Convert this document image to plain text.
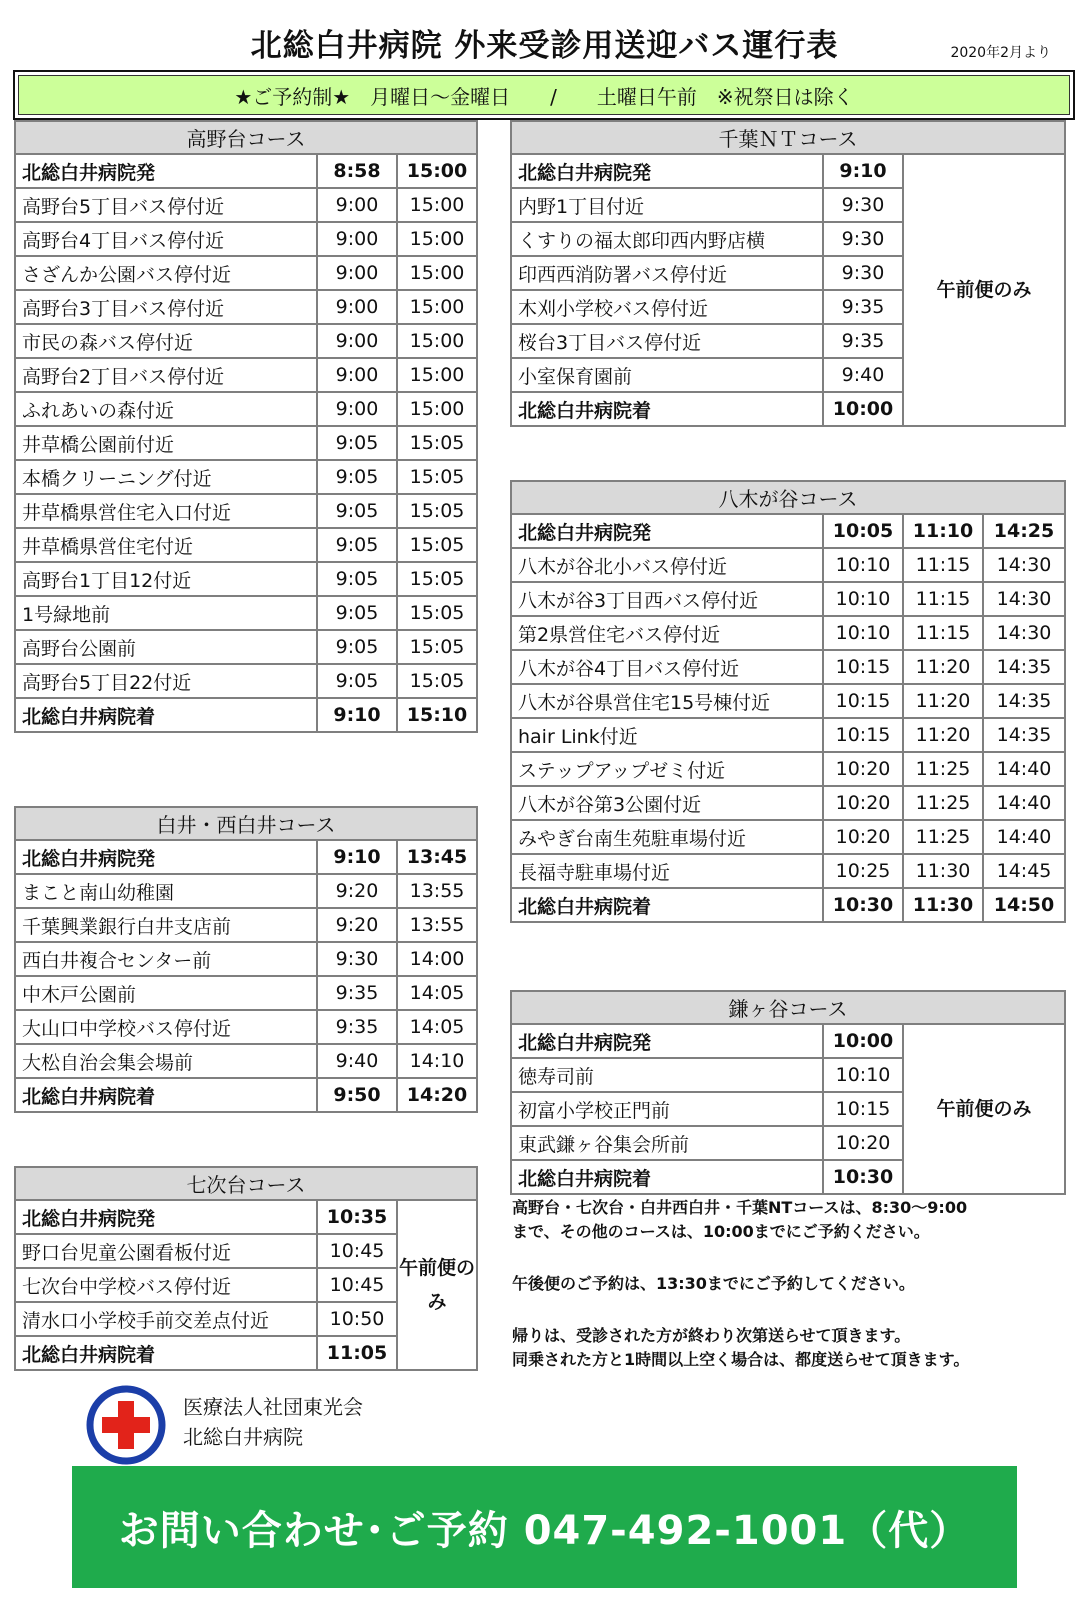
北総白井病院 外来受診用送迎バス運行表	2020年2月より
★ご予約制★　月曜日～金曜日　　/　　土曜日午前　※祝祭日は除く
高野台コース		
北総白井病院発	8:58	15:00
高野台5丁目バス停付近	9:00	15:00
高野台4丁目バス停付近	9:00	15:00
さざんか公園バス停付近	9:00	15:00
高野台3丁目バス停付近	9:00	15:00
市民の森バス停付近	9:00	15:00
高野台2丁目バス停付近	9:00	15:00
ふれあいの森付近	9:00	15:00
井草橋公園前付近	9:05	15:05
本橋クリーニング付近	9:05	15:05
井草橋県営住宅入口付近	9:05	15:05
井草橋県営住宅付近	9:05	15:05
高野台1丁目12付近	9:05	15:05
1号緑地前	9:05	15:05
高野台公園前	9:05	15:05
高野台5丁目22付近	9:05	15:05
北総白井病院着	9:10	15:10
白井・西白井コース		
北総白井病院発	9:10	13:45
まこと南山幼稚園	9:20	13:55
千葉興業銀行白井支店前	9:20	13:55
西白井複合センター前	9:30	14:00
中木戸公園前	9:35	14:05
大山口中学校バス停付近	9:35	14:05
大松自治会集会場前	9:40	14:10
北総白井病院着	9:50	14:20
七次台コース		
北総白井病院発	10:35	午前便のみ
野口台児童公園看板付近	10:45	
七次台中学校バス停付近	10:45	
清水口小学校手前交差点付近	10:50	
北総白井病院着	11:05	
千葉ＮＴコース		
北総白井病院発	9:10	午前便のみ
内野1丁目付近	9:30	
くすりの福太郎印西内野店横	9:30	
印西西消防署バス停付近	9:30	
木刈小学校バス停付近	9:35	
桜台3丁目バス停付近	9:35	
小室保育園前	9:40	
北総白井病院着	10:00	
八木が谷コース			
北総白井病院発	10:05	11:10	14:25
八木が谷北小バス停付近	10:10	11:15	14:30
八木が谷3丁目西バス停付近	10:10	11:15	14:30
第2県営住宅バス停付近	10:10	11:15	14:30
八木が谷4丁目バス停付近	10:15	11:20	14:35
八木が谷県営住宅15号棟付近	10:15	11:20	14:35
hair Link付近	10:15	11:20	14:35
ステップアップゼミ付近	10:20	11:25	14:40
八木が谷第3公園付近	10:20	11:25	14:40
みやぎ台南生苑駐車場付近	10:20	11:25	14:40
長福寺駐車場付近	10:25	11:30	14:45
北総白井病院着	10:30	11:30	14:50
鎌ヶ谷コース		
北総白井病院発	10:00	午前便のみ
徳寿司前	10:10	
初富小学校正門前	10:15	
東武鎌ヶ谷集会所前	10:20	
北総白井病院着	10:30	

高野台・七次台・白井西白井・千葉NTコースは、8:30～9:00
まで、その他のコースは、10:00までにご予約ください。

午後便のご予約は、13:30までにご予約してください。

帰りは、受診された方が終わり次第送らせて頂きます。
同乗された方と1時間以上空く場合は、都度送らせて頂きます。

医療法人社団東光会
北総白井病院
お問い合わせ･ご予約 047-492-1001（代）
